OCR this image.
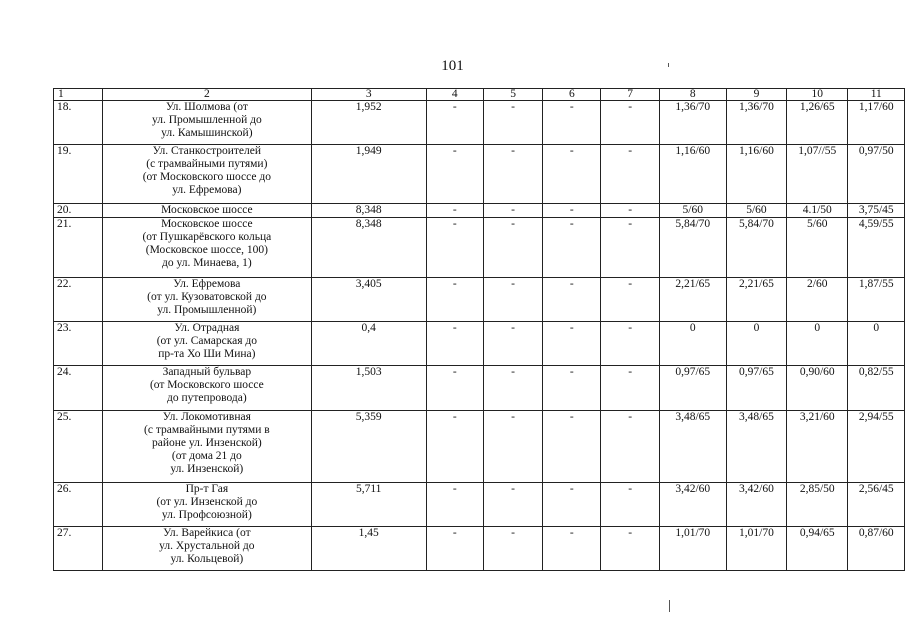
101
1	2	3	4	5	6	7	8	9	10	11
18.	Ул. Шолмова (от
ул. Промышленной до
ул. Камышинской)	1,952	-	-	-	-	1,36/70	1,36/70	1,26/65	1,17/60
19.	Ул. Станкостроителей
(с трамвайными путями)
(от Московского шоссе до
ул. Ефремова)	1,949	-	-	-	-	1,16/60	1,16/60	1,07//55	0,97/50
20.	Московское шоссе	8,348	-	-	-	-	5/60	5/60	4.1/50	3,75/45
21.	Московское шоссе
(от Пушкарёвского кольца
(Московское шоссе, 100)
до ул. Минаева, 1)	8,348	-	-	-	-	5,84/70	5,84/70	5/60	4,59/55
22.	Ул. Ефремова
(от ул. Кузоватовской до
ул. Промышленной)	3,405	-	-	-	-	2,21/65	2,21/65	2/60	1,87/55
23.	Ул. Отрадная
(от ул. Самарская до
пр-та Хо Ши Мина)	0,4	-	-	-	-	0	0	0	0
24.	Западный бульвар
(от Московского шоссе
до путепровода)	1,503	-	-	-	-	0,97/65	0,97/65	0,90/60	0,82/55
25.	Ул. Локомотивная
(с трамвайными путями в
районе ул. Инзенской)
(от дома 21 до
ул. Инзенской)	5,359	-	-	-	-	3,48/65	3,48/65	3,21/60	2,94/55
26.	Пр-т Гая
(от ул. Инзенской до
ул. Профсоюзной)	5,711	-	-	-	-	3,42/60	3,42/60	2,85/50	2,56/45
27.	Ул. Варейкиса (от
ул. Хрустальной до
ул. Кольцевой)	1,45	-	-	-	-	1,01/70	1,01/70	0,94/65	0,87/60
